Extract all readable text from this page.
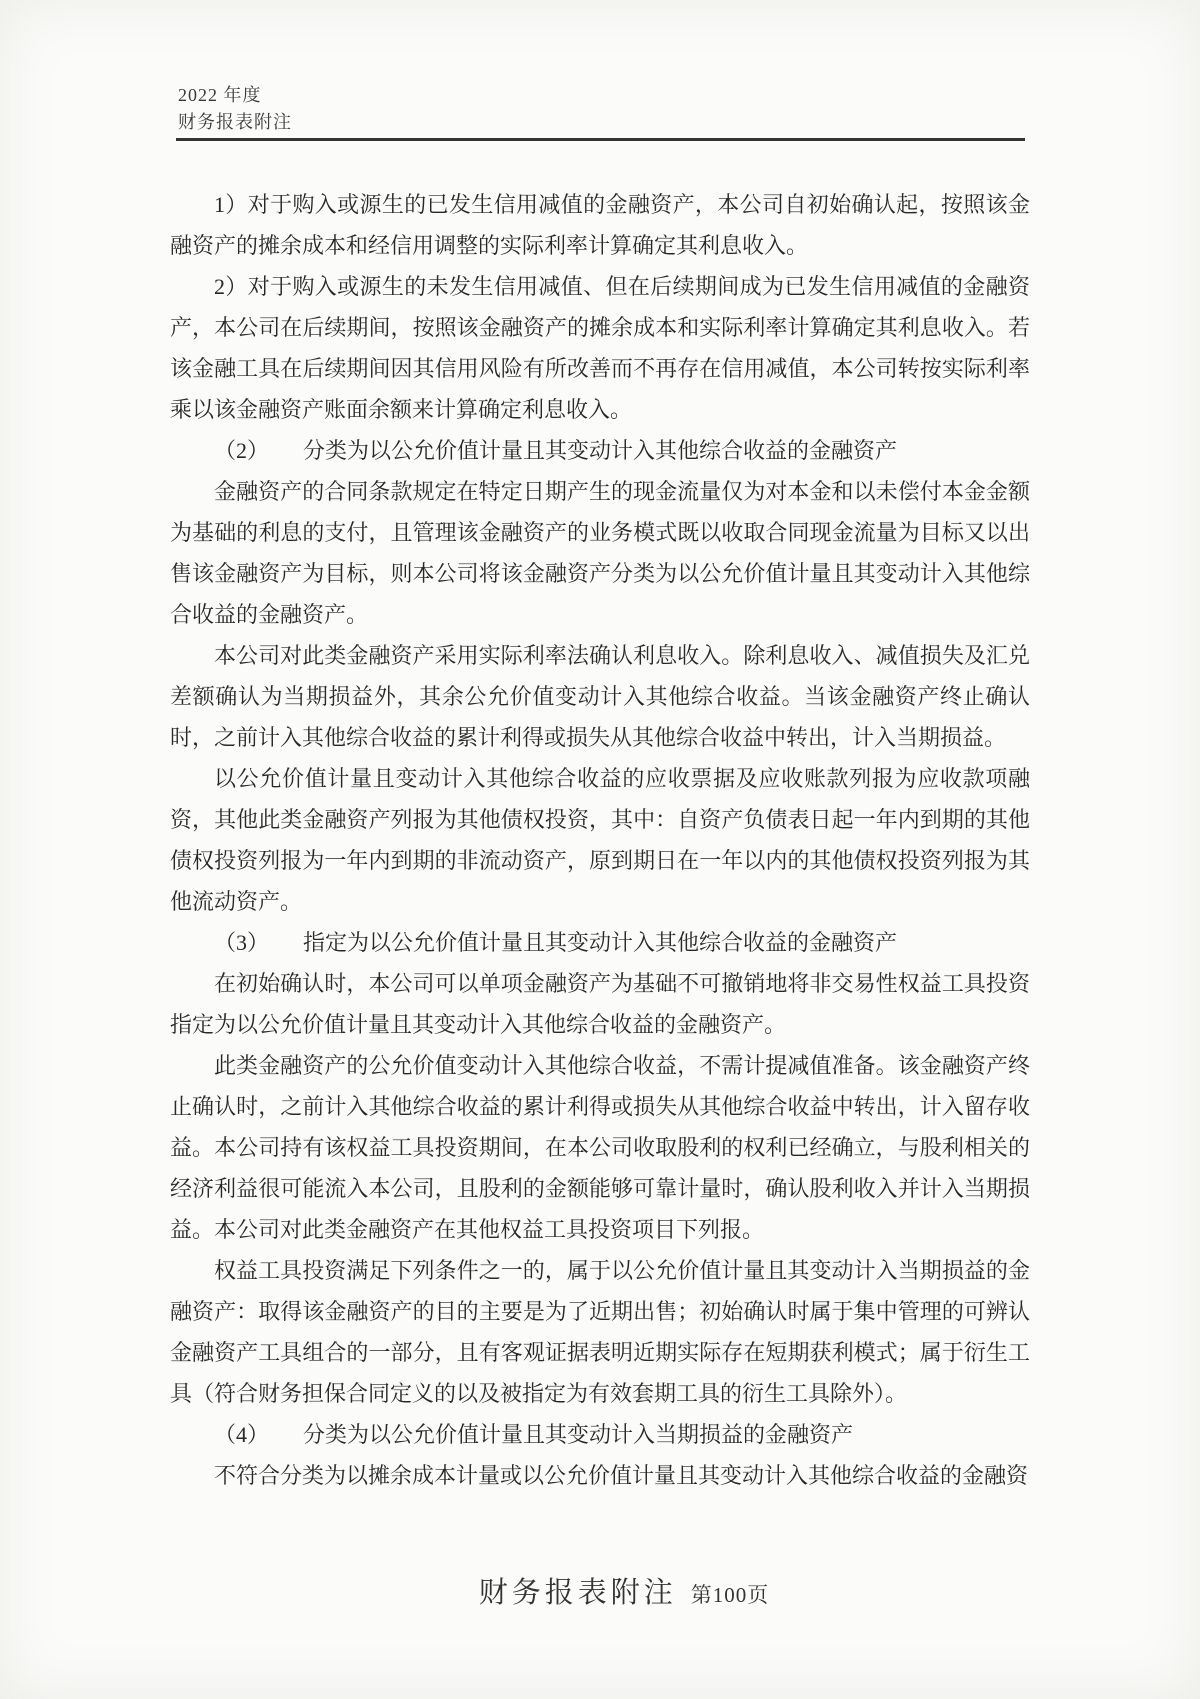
2022 年度
财务报表附注

1）对于购入或源生的已发生信用减值的金融资产，本公司自初始确认起，按照该金融资产的摊余成本和经信用调整的实际利率计算确定其利息收入。

2）对于购入或源生的未发生信用减值、但在后续期间成为已发生信用减值的金融资产，本公司在后续期间，按照该金融资产的摊余成本和实际利率计算确定其利息收入。若该金融工具在后续期间因其信用风险有所改善而不再存在信用减值，本公司转按实际利率乘以该金融资产账面余额来计算确定利息收入。

（2） 分类为以公允价值计量且其变动计入其他综合收益的金融资产

金融资产的合同条款规定在特定日期产生的现金流量仅为对本金和以未偿付本金金额为基础的利息的支付，且管理该金融资产的业务模式既以收取合同现金流量为目标又以出售该金融资产为目标，则本公司将该金融资产分类为以公允价值计量且其变动计入其他综合收益的金融资产。

本公司对此类金融资产采用实际利率法确认利息收入。除利息收入、减值损失及汇兑差额确认为当期损益外，其余公允价值变动计入其他综合收益。当该金融资产终止确认时，之前计入其他综合收益的累计利得或损失从其他综合收益中转出，计入当期损益。

以公允价值计量且变动计入其他综合收益的应收票据及应收账款列报为应收款项融资，其他此类金融资产列报为其他债权投资，其中：自资产负债表日起一年内到期的其他债权投资列报为一年内到期的非流动资产，原到期日在一年以内的其他债权投资列报为其他流动资产。

（3） 指定为以公允价值计量且其变动计入其他综合收益的金融资产

在初始确认时，本公司可以单项金融资产为基础不可撤销地将非交易性权益工具投资指定为以公允价值计量且其变动计入其他综合收益的金融资产。

此类金融资产的公允价值变动计入其他综合收益，不需计提减值准备。该金融资产终止确认时，之前计入其他综合收益的累计利得或损失从其他综合收益中转出，计入留存收益。本公司持有该权益工具投资期间，在本公司收取股利的权利已经确立，与股利相关的经济利益很可能流入本公司，且股利的金额能够可靠计量时，确认股利收入并计入当期损益。本公司对此类金融资产在其他权益工具投资项目下列报。

权益工具投资满足下列条件之一的，属于以公允价值计量且其变动计入当期损益的金融资产：取得该金融资产的目的主要是为了近期出售；初始确认时属于集中管理的可辨认金融资产工具组合的一部分，且有客观证据表明近期实际存在短期获利模式；属于衍生工具（符合财务担保合同定义的以及被指定为有效套期工具的衍生工具除外）。

（4） 分类为以公允价值计量且其变动计入当期损益的金融资产

不符合分类为以摊余成本计量或以公允价值计量且其变动计入其他综合收益的金融资

财务报表附注 第100页
